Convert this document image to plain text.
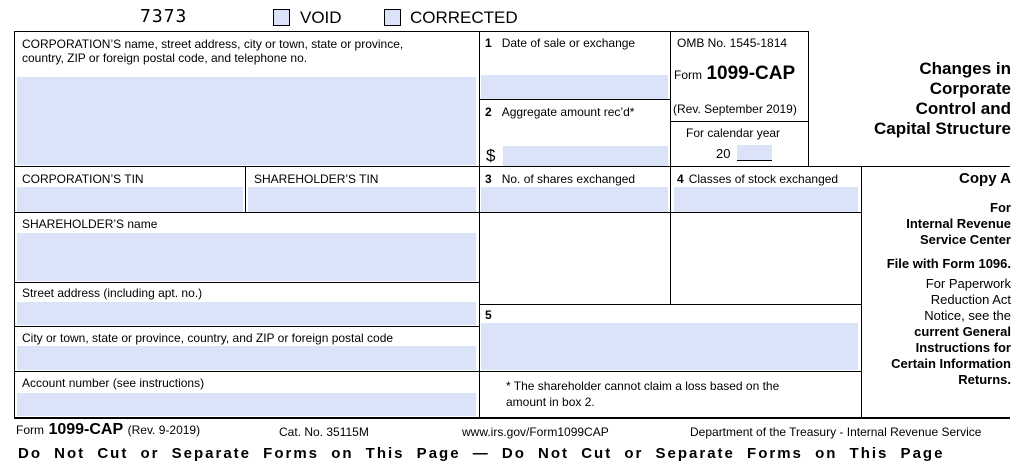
7373	VOID	CORRECTED
CORPORATION’S name, street address, city or town, state or province,
country, ZIP or foreign postal code, and telephone no.
1 Date of sale or exchange
2 Aggregate amount rec’d*
$
OMB No. 1545-1814
Form 1099-CAP
(Rev. September 2019)
For calendar year
20
Changes in
Corporate
Control and
Capital Structure
CORPORATION’S TIN	SHAREHOLDER’S TIN	3 No. of shares exchanged	4 Classes of stock exchanged
SHAREHOLDER’S name
Street address (including apt. no.)
City or town, state or province, country, and ZIP or foreign postal code
Account number (see instructions)
5
* The shareholder cannot claim a loss based on the
amount in box 2.
Copy A
For
Internal Revenue
Service Center
File with Form 1096.
For Paperwork
Reduction Act
Notice, see the
current General
Instructions for
Certain Information
Returns.
Form 1099-CAP (Rev. 9-2019)	Cat. No. 35115M	www.irs.gov/Form1099CAP	Department of the Treasury - Internal Revenue Service
Do Not Cut or Separate Forms on This Page — Do Not Cut or Separate Forms on This Page
